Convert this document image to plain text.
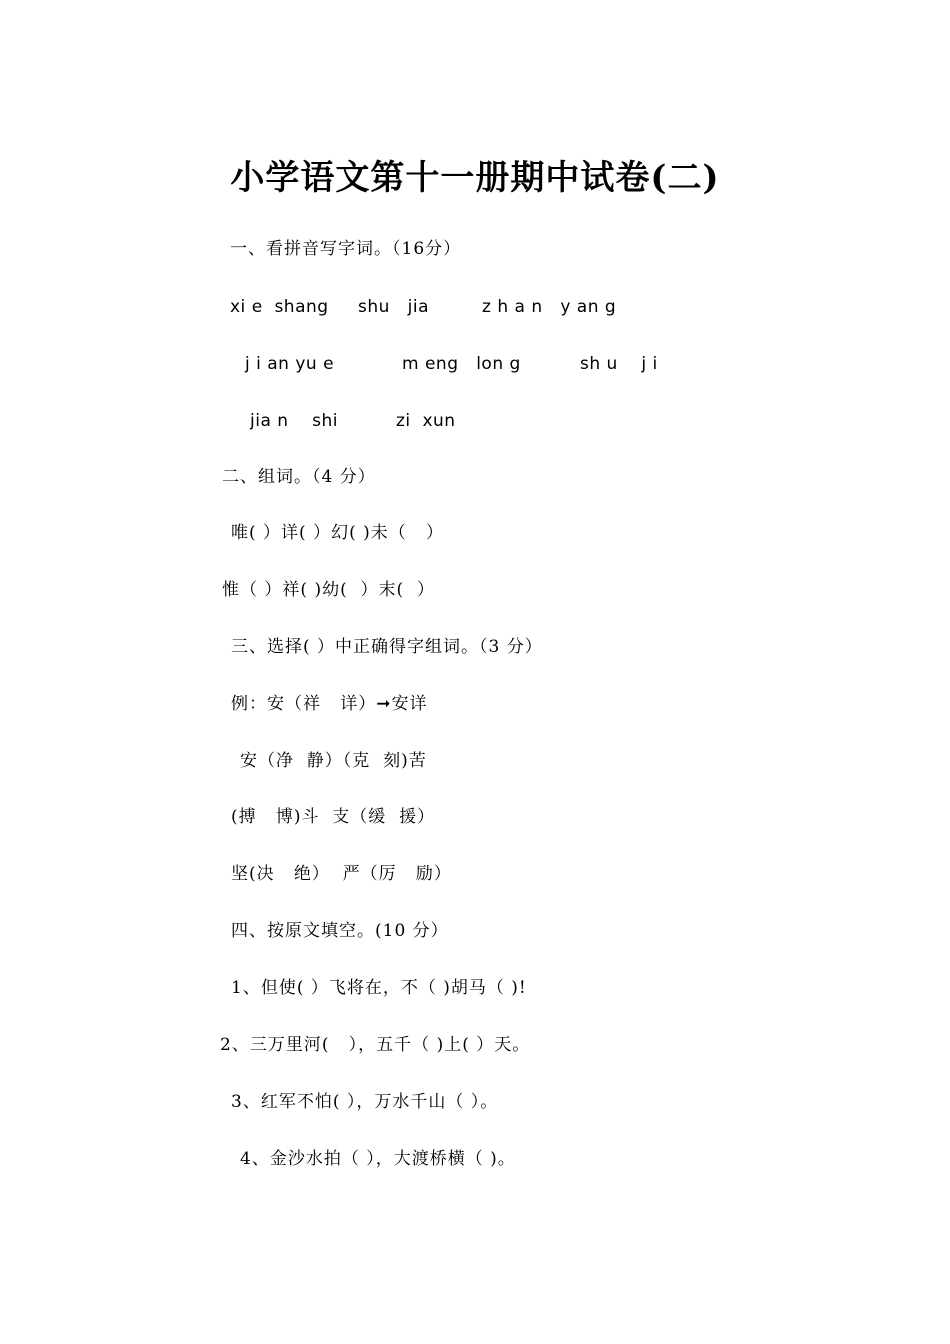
小学语文第十一册期中试卷(二)
一、看拼音写字词。（16分）

xi e  shang

shu   jia

	z h a n   y an g

j i an yu e

	m eng   lon g

	sh u    j i

jia n    shi

	zi  xun

二、组词。（4 分）
唯( ）详( ）幻( )未（   ）
惟（ ）祥( )幼(  ）末(  ）
三、选择( ）中正确得字组词。（3 分）
例：安（祥   详）➞安详
安（净  静）（克  刻)苦
(搏   博)斗  支（缓  援）
坚(决   绝）  严（厉   励）
四、按原文填空。(10 分）
1、但使( ）飞将在，不（ )胡马（ )!
2、三万里河(   ），五千（ )上( ）天。
3、红军不怕( ），万水千山（ ）。
4、金沙水拍（ ），大渡桥横（ )。
